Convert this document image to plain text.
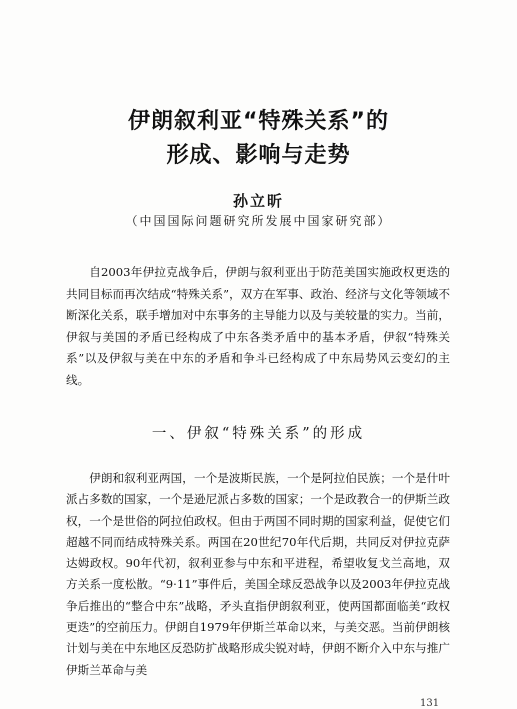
伊朗叙利亚“特殊关系”的
形成、影响与走势
孙立昕
（中国国际问题研究所发展中国家研究部）

自2003年伊拉克战争后，伊朗与叙利亚出于防范美国实施政权更迭的共同目标而再次结成“特殊关系”，双方在军事、政治、经济与文化等领域不断深化关系，联手增加对中东事务的主导能力以及与美较量的实力。当前，伊叙与美国的矛盾已经构成了中东各类矛盾中的基本矛盾，伊叙“特殊关系”以及伊叙与美在中东的矛盾和争斗已经构成了中东局势风云变幻的主线。

一、伊叙“特殊关系”的形成

伊朗和叙利亚两国，一个是波斯民族，一个是阿拉伯民族；一个是什叶派占多数的国家，一个是逊尼派占多数的国家；一个是政教合一的伊斯兰政权，一个是世俗的阿拉伯政权。但由于两国不同时期的国家利益，促使它们超越不同而结成特殊关系。两国在20世纪70年代后期，共同反对伊拉克萨达姆政权。90年代初，叙利亚参与中东和平进程，希望收复戈兰高地，双方关系一度松散。“9·11”事件后，美国全球反恐战争以及2003年伊拉克战争后推出的“整合中东”战略，矛头直指伊朗叙利亚，使两国都面临美“政权更迭”的空前压力。伊朗自1979年伊斯兰革命以来，与美交恶。当前伊朗核计划与美在中东地区反恐防扩战略形成尖锐对峙，伊朗不断介入中东与推广伊斯兰革命与美

131
